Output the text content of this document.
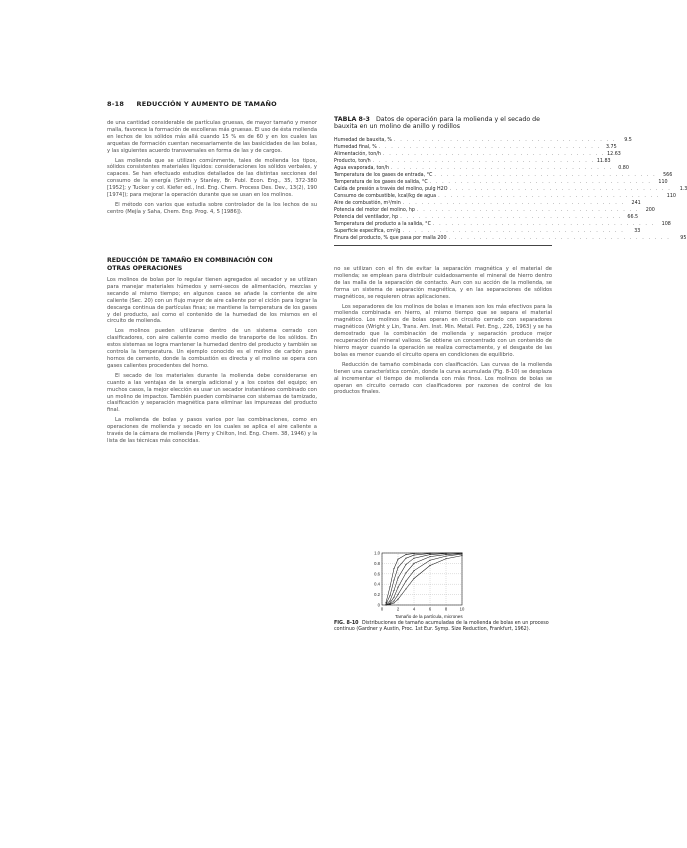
8-18 REDUCCIÓN Y AUMENTO DE TAMAÑO

de una cantidad considerable de partículas gruesas, de mayor tamaño y menor malla, favorece la formación de escolleras más gruesas. El uso de ésta molienda en lechos de los sólidos más allá cuando 15 % es de 60 y en los cuales las arquetas de formación cuentan necesariamente de las basicidades de las bolas, y las siguientes acuerdo transversales en forma de las y de cargos.

Las molienda que se utilizan comúnmente, tales de molienda los tipos, sólidos consistentes materiales líquidos: consideraciones los sólidos verbales, y capaces. Se han efectuado estudios detallados de las distintas secciones del consumo de la energía (Smith y Stanley, Br. Publ. Econ. Eng., 35, 372-380 [1952]; y Tucker y col. Kiefer ed., Ind. Eng. Chem. Process Des. Dev., 13(2), 190 [1974]); para mejorar la operación durante que se usan en los molinos.

El método con varios que estudia sobre controlador de la los lechos de su centro (Mejía y Saha, Chem. Eng. Prog. 4, 5 [1986]).

REDUCCIÓN DE TAMAÑO EN COMBINACIÓN CON
OTRAS OPERACIONES

Los molinos de bolas por lo regular tienen agregados al secador y se utilizan para manejar materiales húmedos y semi-secos de alimentación, mezclas y secando al mismo tiempo; en algunos casos se añade la corriente de aire caliente (Sec. 20) con un flujo mayor de aire caliente por el ciclón para lograr la descarga continua de partículas finas; se mantiene la temperatura de los gases y del producto, así como el contenido de la humedad de los mismos en el circuito de molienda.

Los molinos pueden utilizarse dentro de un sistema cerrado con clasificadores, con aire caliente como medio de transporte de los sólidos. En estos sistemas se logra mantener la humedad dentro del producto y también se controla la temperatura. Un ejemplo conocido es el molino de carbón para hornos de cemento, donde la combustión es directa y el molino se opera con gases calientes procedentes del horno.

El secado de los materiales durante la molienda debe considerarse en cuanto a las ventajas de la energía adicional y a los costos del equipo; en muchos casos, la mejor elección es usar un secador instantáneo combinado con un molino de impactos. También pueden combinarse con sistemas de tamizado, clasificación y separación magnética para eliminar las impurezas del producto final.

La molienda de bolas y pasos varios por las combinaciones, como en operaciones de molienda y secado en los cuales se aplica el aire caliente a través de la cámara de molienda (Perry y Chilton, Ind. Eng. Chem. 38, 1946) y la lista de las técnicas más conocidas.

TABLA 8-3 Datos de operación para la molienda y el secado de bauxita en un molino de anillo y rodillos
Humedad de bauxita, % . . . . . . . . . . . . . . . . . . . . . . . . . . . . . . . . . . . .	9.5
Humedad final, % . . . . . . . . . . . . . . . . . . . . . . . . . . . . . . . . . . . .	3.75
Alimentación, ton/h . . . . . . . . . . . . . . . . . . . . . . . . . . . . . . . . . . . . 12.63
Producto, ton/h . . . . . . . . . . . . . . . . . . . . . . . . . . . . . . . . . . . . 11.83
Agua evaporada, ton/h . . . . . . . . . . . . . . . . . . . . . . . . . . . . . . . . . . . .	0.80
Temperatura de los gases de entrada, °C . . . . . . . . . . . . . . . . . . . . . . . . . . . . . . . . . . . .	566
Temperatura de los gases de salida, °C . . . . . . . . . . . . . . . . . . . . . . . . . . . . . . . . . . . .	110
Caída de presión a través del molino, pulg H2O . . . . . . . . . . . . . . . . . . . . . . . . . . . . . . . . . . . .	1.3
Consumo de combustible, kcal/kg de agua . . . . . . . . . . . . . . . . . . . . . . . . . . . . . . . . . . . .	110
Aire de combustión, m³/min . . . . . . . . . . . . . . . . . . . . . . . . . . . . . . . . . . . .	241
Potencia del motor del molino, hp . . . . . . . . . . . . . . . . . . . . . . . . . . . . . . . . . . . .	200
Potencia del ventilador, hp . . . . . . . . . . . . . . . . . . . . . . . . . . . . . . . . . . . .	66.5
Temperatura del producto a la salida, °C . . . . . . . . . . . . . . . . . . . . . . . . . . . . . . . . . . . .	108
Superficie específica, cm²/g . . . . . . . . . . . . . . . . . . . . . . . . . . . . . . . . . . . .	33
Finura del producto, % que pasa por malla 200 . . . . . . . . . . . . . . . . . . . . . . . . . . . . . . . . . . . .	95

no se utilizan con el fin de evitar la separación magnética y el material de molienda; se emplean para distribuir cuidadosamente el mineral de hierro dentro de las malla de la separación de contacto. Aun con su acción de la molienda, se forma un sistema de separación magnética, y en las separaciones de sólidos magnéticos, se requieren otras aplicaciones.

Los separadores de los molinos de bolas e imanes son los más efectivos para la molienda combinada en hierro, al mismo tiempo que se separa el material magnético. Los molinos de bolas operan en circuito cerrado con separadores magnéticos (Wright y Lin, Trans. Am. Inst. Min. Metall. Pet. Eng., 226, 1963) y se ha demostrado que la combinación de molienda y separación produce mejor recuperación del mineral valioso. Se obtiene un concentrado con un contenido de hierro mayor cuando la operación se realiza correctamente, y el desgaste de las bolas es menor cuando el circuito opera en condiciones de equilibrio.

Reducción de tamaño combinada con clasificación. Las curvas de la molienda tienen una característica común, donde la curva acumulada (Fig. 8-10) se desplaza al incrementar el tiempo de molienda con más finos. Los molinos de bolas se operan en circuito cerrado con clasificadores por razones de control de los productos finales.

0
0.2
0.4
0.6
0.8
1.0
0	2	4	6	8	10
Tamaño de la partícula, micrones
FIG. 8-10 Distribuciones de tamaño acumuladas de la molienda de bolas en un proceso continuo (Gardner y Austin, Proc. 1st Eur. Symp. Size Reduction, Frankfurt, 1962).
